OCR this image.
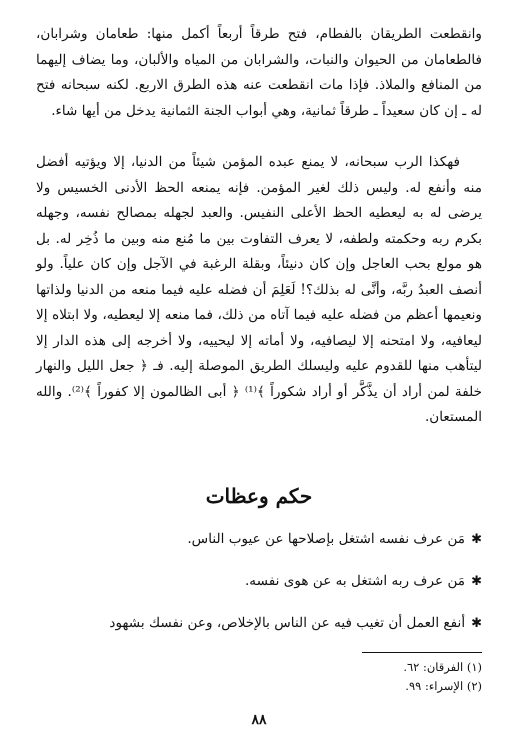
وانقطعت الطريقان بالفطام، فتح طرقاً أربعاً أكمل منها: طعامان وشرابان، فالطعامان من الحيوان والنبات، والشرابان من المياه والألبان، وما يضاف إليهما من المنافع والملاذ. فإذا مات انقطعت عنه هذه الطرق الاربع. لكنه سبحانه فتح له ـ إن كان سعيداً ـ طرقاً ثمانية، وهي أبواب الجنة الثمانية يدخل من أيها شاء.

فهكذا الرب سبحانه، لا يمنع عبده المؤمن شيئاً من الدنيا، إلا ويؤتيه أفضل منه وأنفع له. وليس ذلك لغير المؤمن. فإنه يمنعه الحظ الأدنى الخسيس ولا يرضى له به ليعطيه الحظ الأعلى النفيس. والعبد لجهله بمصالح نفسه، وجهله بكرم ربه وحكمته ولطفه، لا يعرف التفاوت بين ما مُنع منه وبين ما ذُخِر له. بل هو مولع بحب العاجل وإن كان دنيئاً، وبقلة الرغبة في الآجل وإن كان علياً. ولو أنصف العبدُ ربَّه، وأنَّى له بذلك؟! لَعَلِمَ أن فضله عليه فيما منعه من الدنيا ولذاتها ونعيمها أعظم من فضله عليه فيما آتاه من ذلك، فما منعه إلا ليعطيه، ولا ابتلاه إلا ليعافيه، ولا امتحنه إلا ليصافيه، ولا أماته إلا ليحييه، ولا أخرجه إلى هذه الدار إلا ليتأهب منها للقدوم عليه وليسلك الطريق الموصلة إليه. فـ ﴿ جعل الليل والنهار خلفة لمن أراد أن يذَّكَّر أو أراد شكوراً ﴾⁽¹⁾ ﴿ أبى الظالمون إلا كفوراً ﴾⁽²⁾. والله المستعان.

حكم وعظات
✱مَن عرف نفسه اشتغل بإصلاحها عن عيوب الناس.
✱مَن عرف ربه اشتغل به عن هوى نفسه.
✱أنفع العمل أن تغيب فيه عن الناس بالإخلاص، وعن نفسك بشهود
(١) الفرقان: ٦٢.
(٢) الإسراء: ٩٩.
٨٨
